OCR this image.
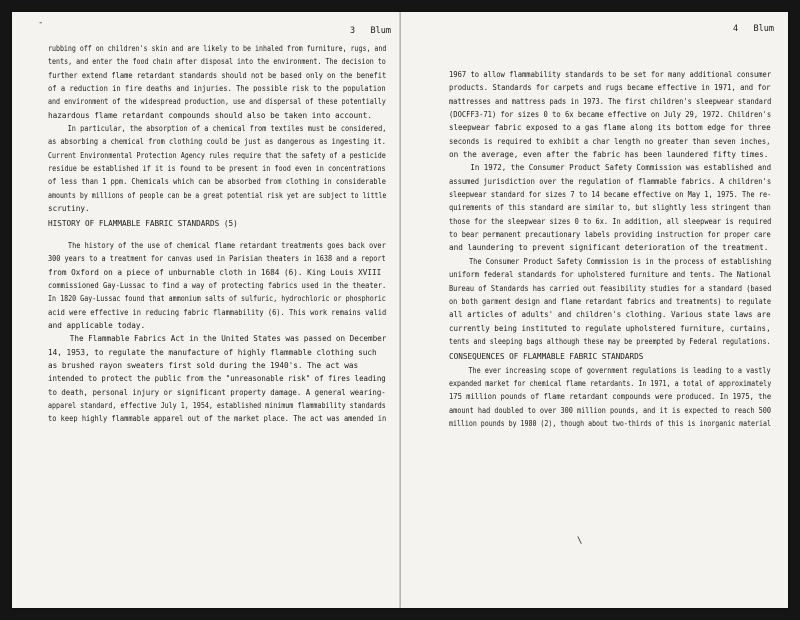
3 Blum
rubbing off on children's skin and are likely to be inhaled from furniture, rugs, and
tents, and enter the food chain after disposal into the environment. The decision to
further extend flame retardant standards should not be based only on the benefit
of a reduction in fire deaths and injuries. The possible risk to the population
and environment of the widespread production, use and dispersal of these potentially
hazardous flame retardant compounds should also be taken into account.
In particular, the absorption of a chemical from textiles must be considered,
as absorbing a chemical from clothing could be just as dangerous as ingesting it.
Current Environmental Protection Agency rules require that the safety of a pesticide
residue be established if it is found to be present in food even in concentrations
of less than 1 ppm. Chemicals which can be absorbed from clothing in considerable
amounts by millions of people can be a great potential risk yet are subject to little
scrutiny.
HISTORY OF FLAMMABLE FABRIC STANDARDS (5)
The history of the use of chemical flame retardant treatments goes back over
300 years to a treatment for canvas used in Parisian theaters in 1638 and a report
from Oxford on a piece of unburnable cloth in 1684 (6). King Louis XVIII
commissioned Gay-Lussac to find a way of protecting fabrics used in the theater.
In 1820 Gay-Lussac found that ammonium salts of sulfuric, hydrochloric or phosphoric
acid were effective in reducing fabric flammability (6). This work remains valid
and applicable today.
The Flammable Fabrics Act in the United States was passed on December
14, 1953, to regulate the manufacture of highly flammable clothing such
as brushed rayon sweaters first sold during the 1940's. The act was
intended to protect the public from the "unreasonable risk" of fires leading
to death, personal injury or significant property damage. A general wearing-
apparel standard, effective July 1, 1954, established minimum flammability standards
to keep highly flammable apparel out of the market place. The act was amended in
-
4 Blum
1967 to allow flammability standards to be set for many additional consumer
products. Standards for carpets and rugs became effective in 1971, and for
mattresses and mattress pads in 1973. The first children's sleepwear standard
(DOCFF3-71) for sizes 0 to 6x became effective on July 29, 1972. Children's
sleepwear fabric exposed to a gas flame along its bottom edge for three
seconds is required to exhibit a char length no greater than seven inches,
on the average, even after the fabric has been laundered fifty times.
In 1972, the Consumer Product Safety Commission was established and
assumed jurisdiction over the regulation of flammable fabrics. A children's
sleepwear standard for sizes 7 to 14 became effective on May 1, 1975. The re-
quirements of this standard are similar to, but slightly less stringent than
those for the sleepwear sizes 0 to 6x. In addition, all sleepwear is required
to bear permanent precautionary labels providing instruction for proper care
and laundering to prevent significant deterioration of the treatment.
The Consumer Product Safety Commission is in the process of establishing
uniform federal standards for upholstered furniture and tents. The National
Bureau of Standards has carried out feasibility studies for a standard (based
on both garment design and flame retardant fabrics and treatments) to regulate
all articles of adults' and children's clothing. Various state laws are
currently being instituted to regulate upholstered furniture, curtains,
tents and sleeping bags although these may be preempted by Federal regulations.
CONSEQUENCES OF FLAMMABLE FABRIC STANDARDS
The ever increasing scope of government regulations is leading to a vastly
expanded market for chemical flame retardants. In 1971, a total of approximately
175 million pounds of flame retardant compounds were produced. In 1975, the
amount had doubled to over 300 million pounds, and it is expected to reach 500
million pounds by 1980 (2), though about two-thirds of this is inorganic material
\
